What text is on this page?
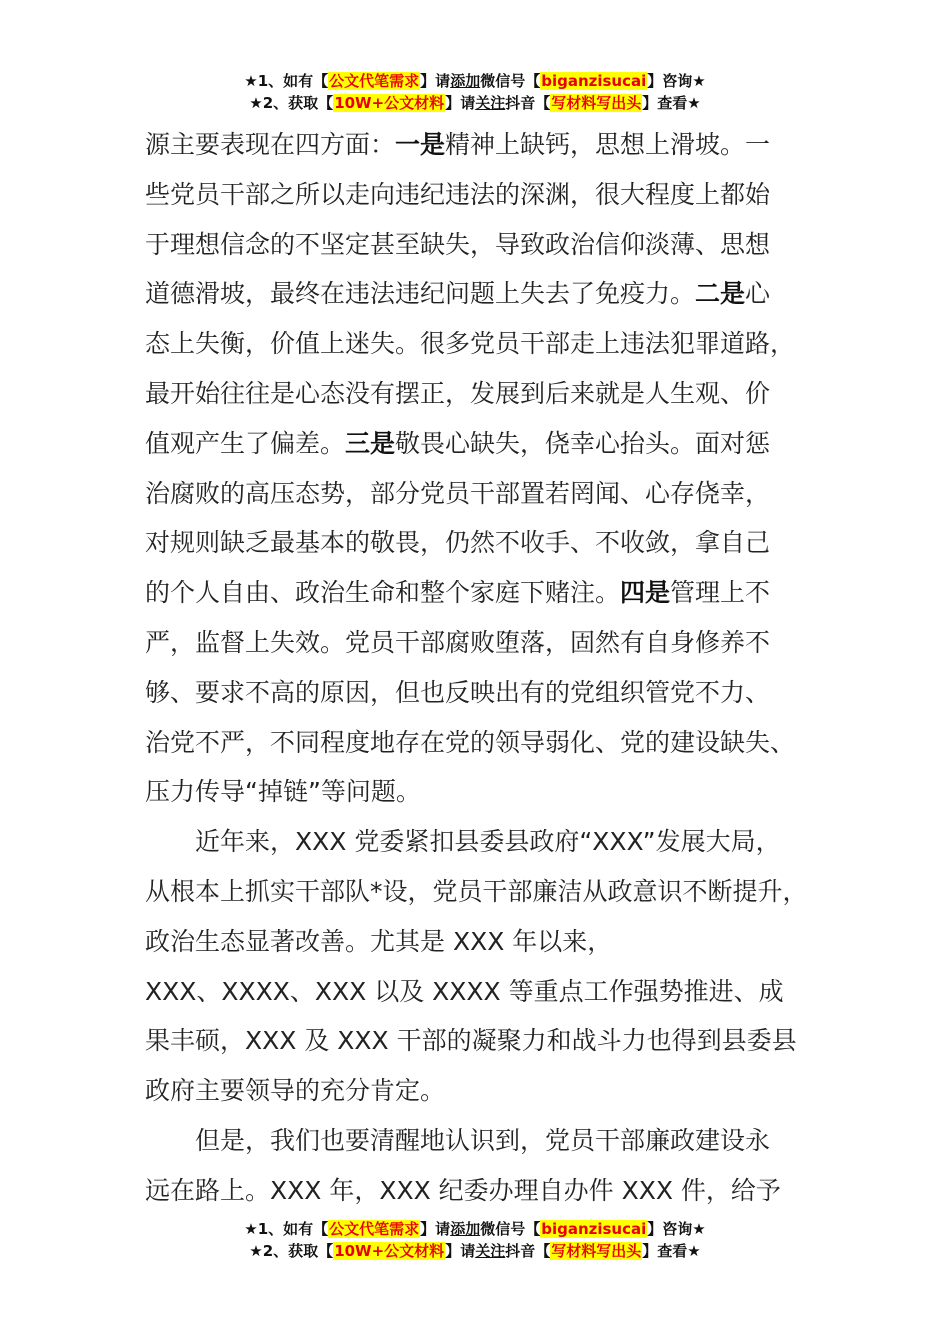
★1、如有【公文代笔需求】请添加微信号【biganzisucai】咨询★
★2、获取【10W+公文材料】请关注抖音【写材料写出头】查看★
源主要表现在四方面：一是精神上缺钙，思想上滑坡。一
些党员干部之所以走向违纪违法的深渊，很大程度上都始
于理想信念的不坚定甚至缺失，导致政治信仰淡薄、思想
道德滑坡，最终在违法违纪问题上失去了免疫力。二是心
态上失衡，价值上迷失。很多党员干部走上违法犯罪道路，
最开始往往是心态没有摆正，发展到后来就是人生观、价
值观产生了偏差。三是敬畏心缺失，侥幸心抬头。面对惩
治腐败的高压态势，部分党员干部置若罔闻、心存侥幸，
对规则缺乏最基本的敬畏，仍然不收手、不收敛，拿自己
的个人自由、政治生命和整个家庭下赌注。四是管理上不
严，监督上失效。党员干部腐败堕落，固然有自身修养不
够、要求不高的原因，但也反映出有的党组织管党不力、
治党不严，不同程度地存在党的领导弱化、党的建设缺失、
压力传导“掉链”等问题。
近年来，XXX 党委紧扣县委县政府“XXX”发展大局，
从根本上抓实干部队*设，党员干部廉洁从政意识不断提升，
政治生态显著改善。尤其是 XXX 年以来，
XXX、XXXX、XXX 以及 XXXX 等重点工作强势推进、成
果丰硕，XXX 及 XXX 干部的凝聚力和战斗力也得到县委县
政府主要领导的充分肯定。
但是，我们也要清醒地认识到，党员干部廉政建设永
远在路上。XXX 年，XXX 纪委办理自办件 XXX 件，给予
★1、如有【公文代笔需求】请添加微信号【biganzisucai】咨询★
★2、获取【10W+公文材料】请关注抖音【写材料写出头】查看★
